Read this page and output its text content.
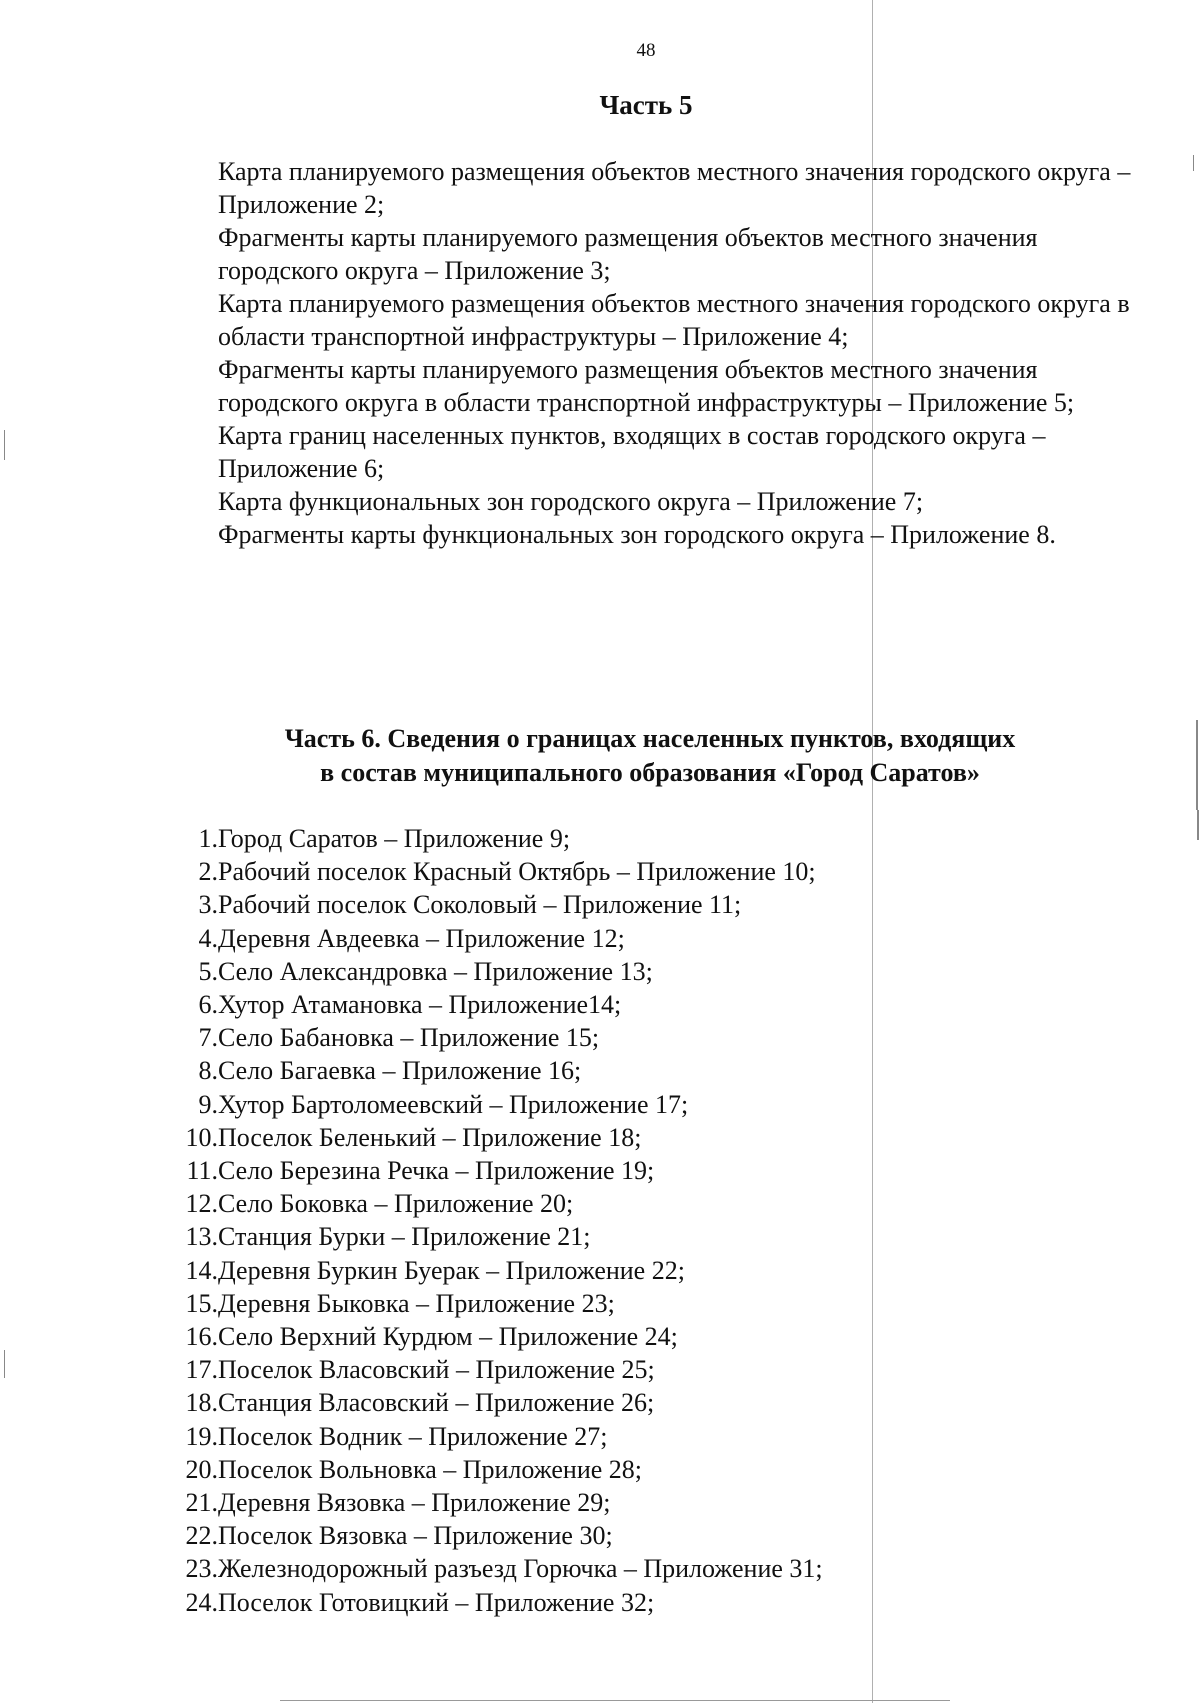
48
Часть 5

Карта планируемого размещения объектов местного значения городского округа – Приложение 2;

Фрагменты карты планируемого размещения объектов местного значения городского округа – Приложение 3;

Карта планируемого размещения объектов местного значения городского округа в области транспортной инфраструктуры – Приложение 4;

Фрагменты карты планируемого размещения объектов местного значения городского округа в области транспортной инфраструктуры – Приложение 5;

Карта границ населенных пунктов, входящих в состав городского округа – Приложение 6;

Карта функциональных зон городского округа – Приложение 7;

Фрагменты карты функциональных зон городского округа – Приложение 8.

Часть 6. Сведения о границах населенных пунктов, входящих
в состав муниципального образования «Город Саратов»
1. Город Саратов – Приложение 9;
2. Рабочий поселок Красный Октябрь – Приложение 10;
3. Рабочий поселок Соколовый – Приложение 11;
4. Деревня Авдеевка – Приложение 12;
5. Село Александровка – Приложение 13;
6. Хутор Атамановка – Приложение14;
7. Село Бабановка – Приложение 15;
8. Село Багаевка – Приложение 16;
9. Хутор Бартоломеевский – Приложение 17;
10. Поселок Беленький – Приложение 18;
11. Село Березина Речка – Приложение 19;
12. Село Боковка – Приложение 20;
13. Станция Бурки – Приложение 21;
14. Деревня Буркин Буерак – Приложение 22;
15. Деревня Быковка – Приложение 23;
16. Село Верхний Курдюм – Приложение 24;
17. Поселок Власовский – Приложение 25;
18. Станция Власовский – Приложение 26;
19. Поселок Водник – Приложение 27;
20. Поселок Вольновка – Приложение 28;
21. Деревня Вязовка – Приложение 29;
22. Поселок Вязовка – Приложение 30;
23. Железнодорожный разъезд Горючка – Приложение 31;
24. Поселок Готовицкий – Приложение 32;
